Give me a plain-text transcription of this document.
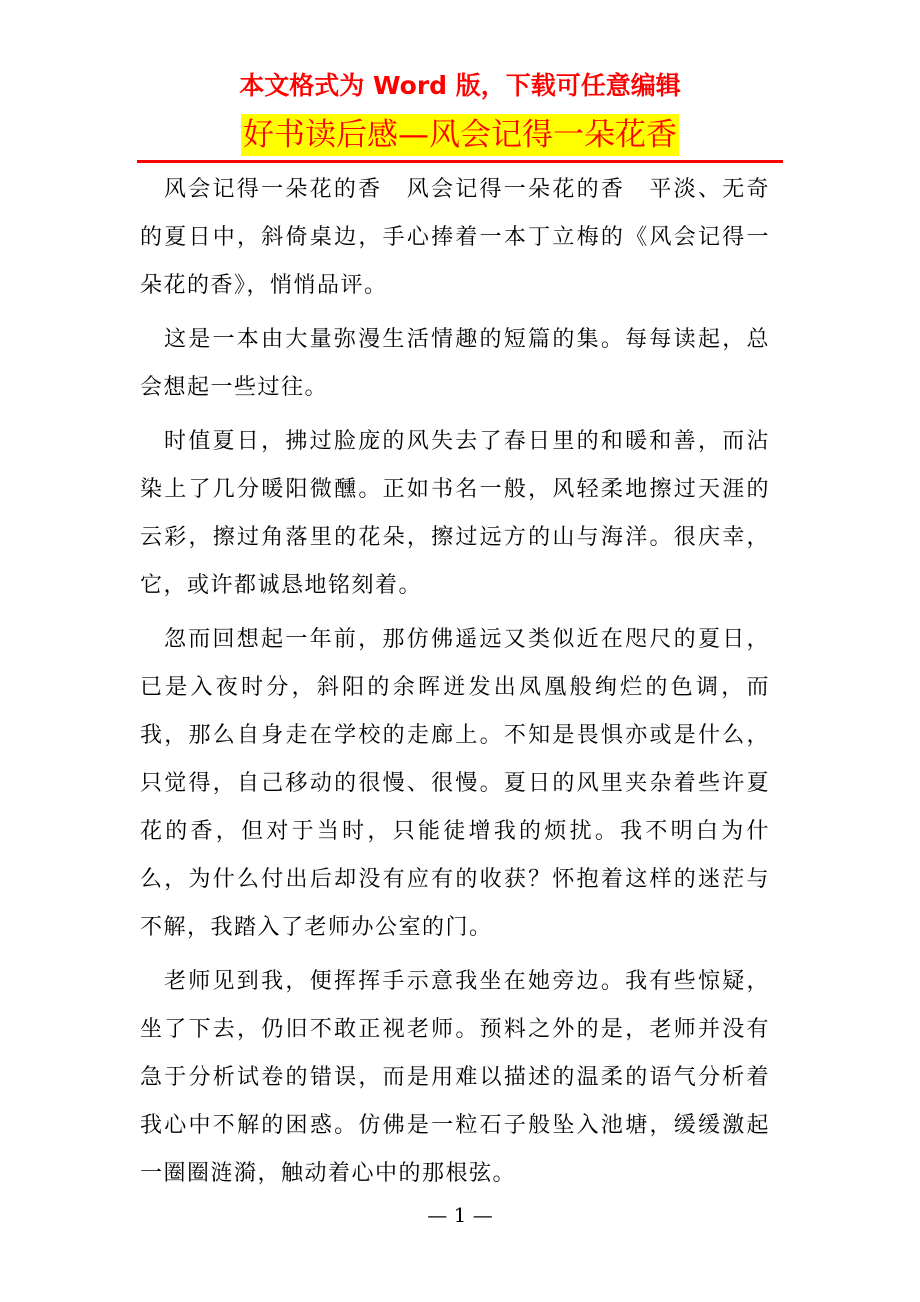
本文格式为 Word 版，下载可任意编辑
好书读后感—风会记得一朵花香

风会记得一朵花的香　风会记得一朵花的香　平淡、无奇的夏日中，斜倚桌边，手心捧着一本丁立梅的《风会记得一朵花的香》，悄悄品评。

这是一本由大量弥漫生活情趣的短篇的集。每每读起，总会想起一些过往。

时值夏日，拂过脸庞的风失去了春日里的和暖和善，而沾染上了几分暖阳微醺。正如书名一般，风轻柔地擦过天涯的云彩，擦过角落里的花朵，擦过远方的山与海洋。很庆幸，它，或许都诚恳地铭刻着。

忽而回想起一年前，那仿佛遥远又类似近在咫尺的夏日，已是入夜时分，斜阳的余晖迸发出凤凰般绚烂的色调，而我，那么自身走在学校的走廊上。不知是畏惧亦或是什么，只觉得，自己移动的很慢、很慢。夏日的风里夹杂着些许夏花的香，但对于当时，只能徒增我的烦扰。我不明白为什么，为什么付出后却没有应有的收获？怀抱着这样的迷茫与不解，我踏入了老师办公室的门。

老师见到我，便挥挥手示意我坐在她旁边。我有些惊疑，坐了下去，仍旧不敢正视老师。预料之外的是，老师并没有急于分析试卷的错误，而是用难以描述的温柔的语气分析着我心中不解的困惑。仿佛是一粒石子般坠入池塘，缓缓激起一圈圈涟漪，触动着心中的那根弦。

— 1 —
